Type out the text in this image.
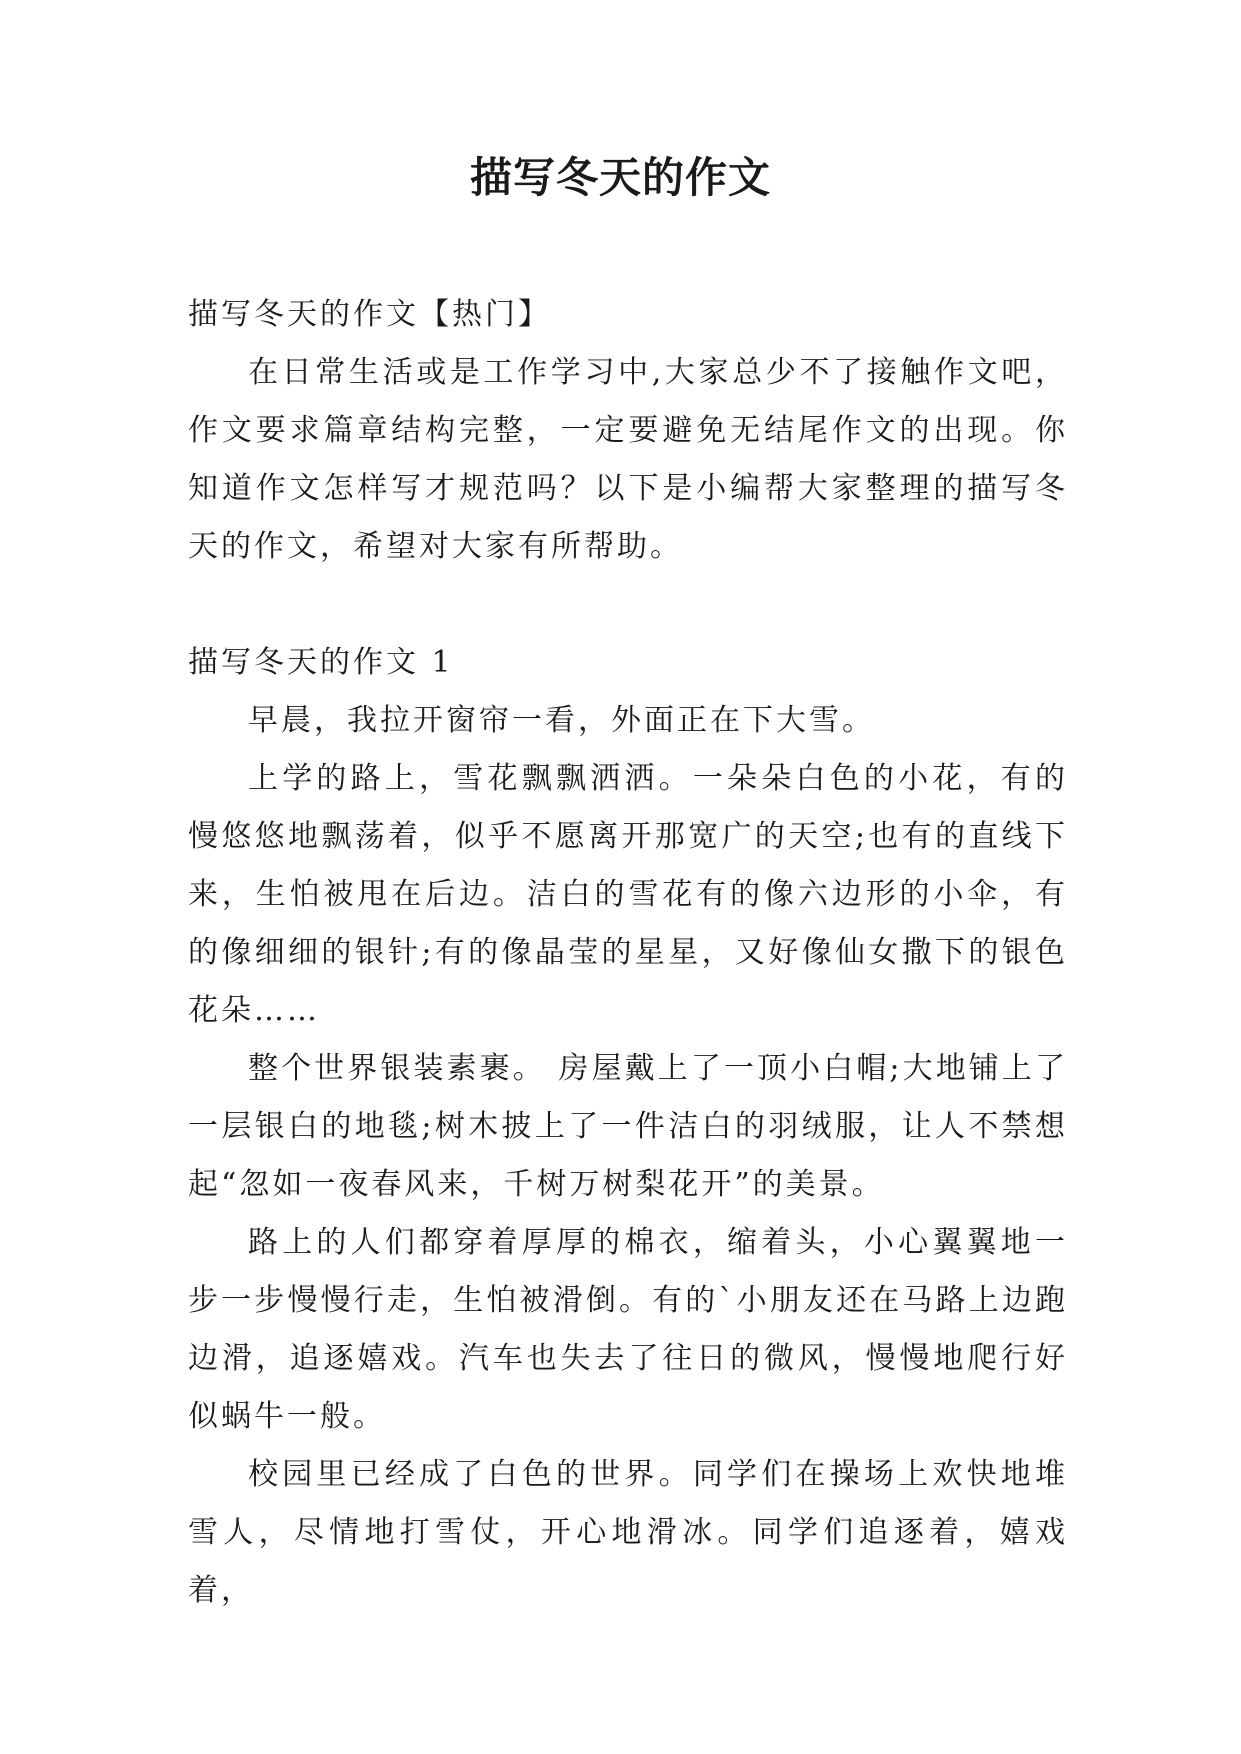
描写冬天的作文

描写冬天的作文【热门】

在日常生活或是工作学习中,大家总少不了接触作文吧，作文要求篇章结构完整，一定要避免无结尾作文的出现。你知道作文怎样写才规范吗？以下是小编帮大家整理的描写冬天的作文，希望对大家有所帮助。

描写冬天的作文 1

早晨，我拉开窗帘一看，外面正在下大雪。

上学的路上，雪花飘飘洒洒。一朵朵白色的小花，有的慢悠悠地飘荡着，似乎不愿离开那宽广的天空;也有的直线下来，生怕被甩在后边。洁白的雪花有的像六边形的小伞，有的像细细的银针;有的像晶莹的星星，又好像仙女撒下的银色花朵……

整个世界银装素裹。 房屋戴上了一顶小白帽;大地铺上了一层银白的地毯;树木披上了一件洁白的羽绒服，让人不禁想起“忽如一夜春风来，千树万树梨花开”的美景。

路上的人们都穿着厚厚的棉衣，缩着头，小心翼翼地一步一步慢慢行走，生怕被滑倒。有的`小朋友还在马路上边跑边滑，追逐嬉戏。汽车也失去了往日的微风，慢慢地爬行好似蜗牛一般。

校园里已经成了白色的世界。同学们在操场上欢快地堆雪人，尽情地打雪仗，开心地滑冰。同学们追逐着，嬉戏着，
